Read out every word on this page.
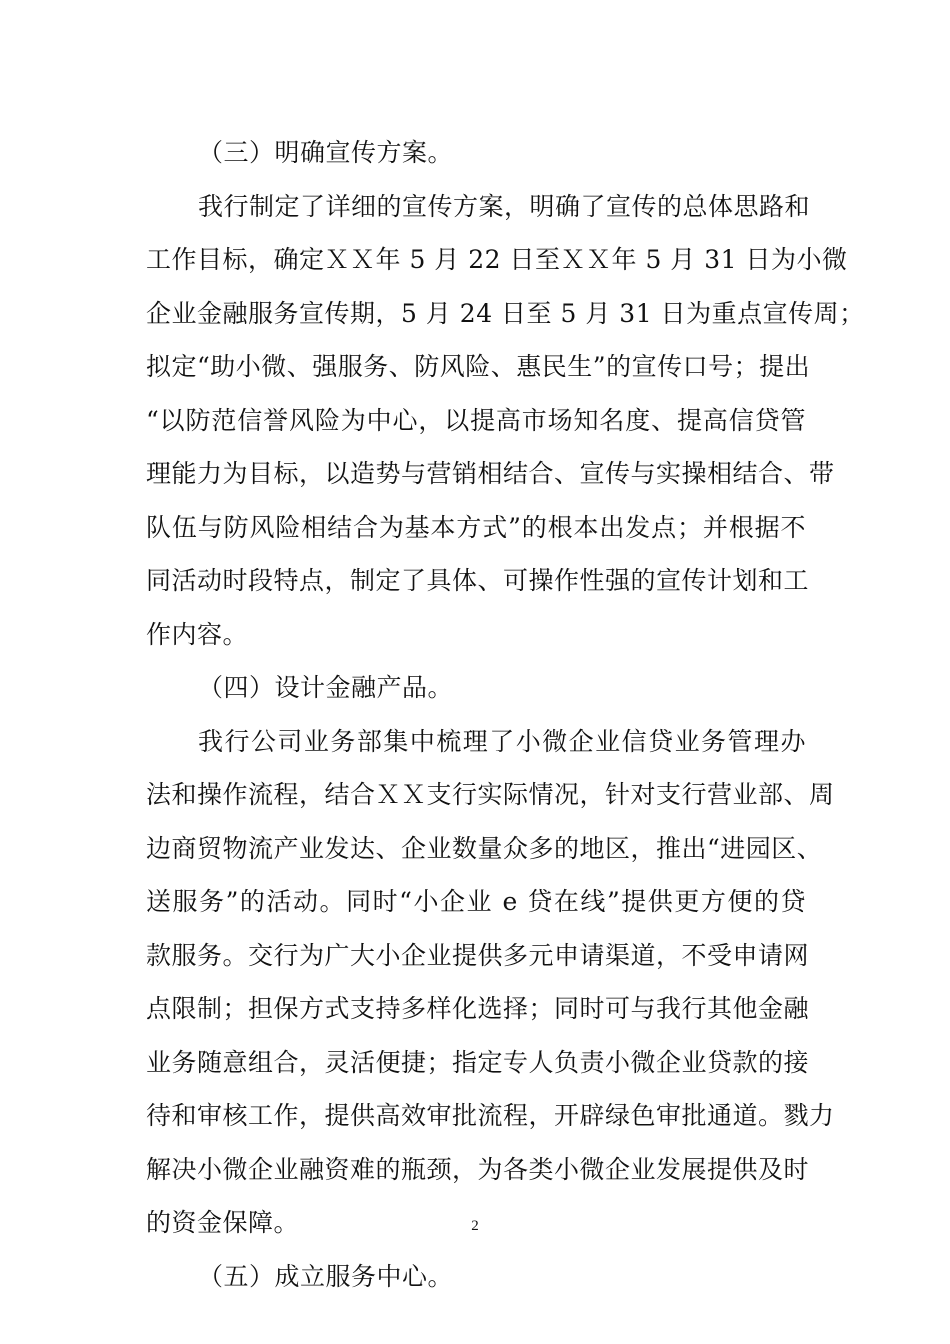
（三）明确宣传方案。
我行制定了详细的宣传方案，明确了宣传的总体思路和
工作目标，确定ＸＸ年 5 月 22 日至ＸＸ年 5 月 31 日为小微
企业金融服务宣传期，5 月 24 日至 5 月 31 日为重点宣传周；
拟定“助小微、强服务、防风险、惠民生”的宣传口号；提出
“以防范信誉风险为中心，以提高市场知名度、提高信贷管
理能力为目标，以造势与营销相结合、宣传与实操相结合、带
队伍与防风险相结合为基本方式”的根本出发点；并根据不
同活动时段特点，制定了具体、可操作性强的宣传计划和工
作内容。
（四）设计金融产品。
我行公司业务部集中梳理了小微企业信贷业务管理办
法和操作流程，结合ＸＸ支行实际情况，针对支行营业部、周
边商贸物流产业发达、企业数量众多的地区，推出“进园区、
送服务”的活动。同时“小企业 e 贷在线”提供更方便的贷
款服务。交行为广大小企业提供多元申请渠道，不受申请网
点限制；担保方式支持多样化选择；同时可与我行其他金融
业务随意组合，灵活便捷；指定专人负责小微企业贷款的接
待和审核工作，提供高效审批流程，开辟绿色审批通道。戮力
解决小微企业融资难的瓶颈，为各类小微企业发展提供及时
的资金保障。
（五）成立服务中心。
2
